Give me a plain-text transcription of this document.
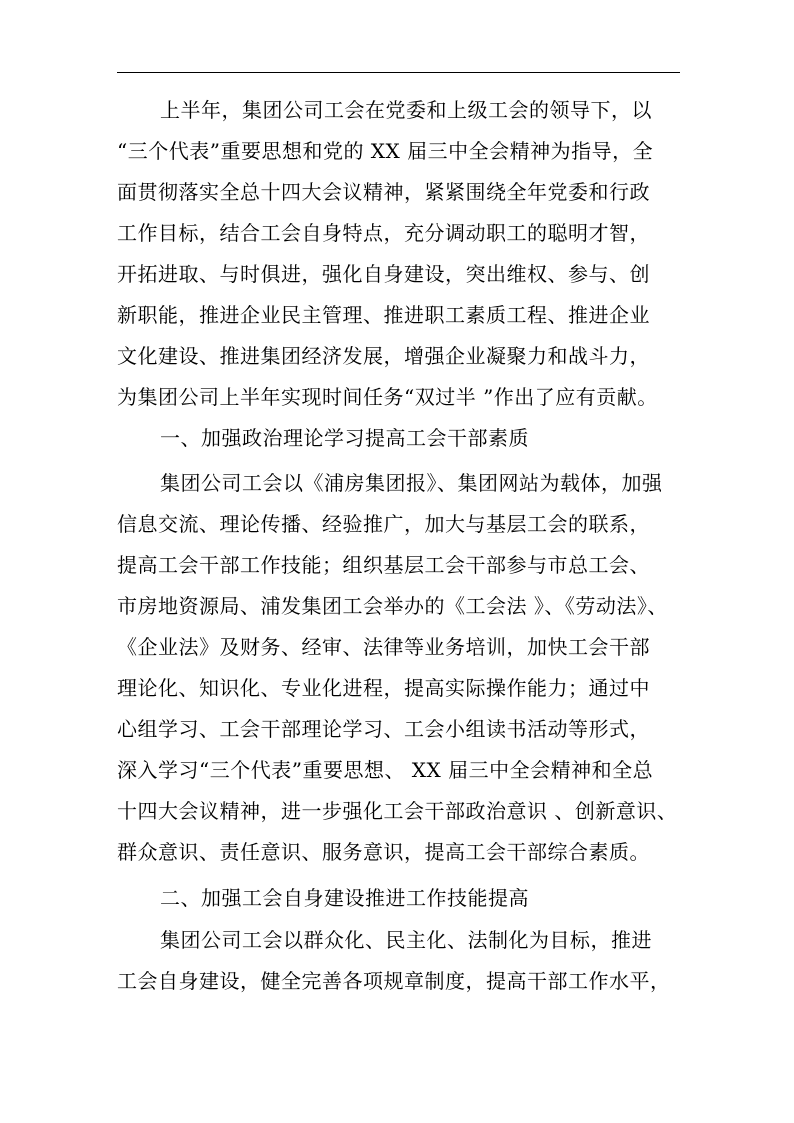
上半年，集团公司工会在党委和上级工会的领导下，以
“三个代表”重要思想和党的 XX 届三中全会精神为指导，全
面贯彻落实全总十四大会议精神，紧紧围绕全年党委和行政
工作目标，结合工会自身特点，充分调动职工的聪明才智，
开拓进取、与时俱进，强化自身建设，突出维权、参与、创
新职能，推进企业民主管理、推进职工素质工程、推进企业
文化建设、推进集团经济发展，增强企业凝聚力和战斗力，
为集团公司上半年实现时间任务“双过半 ”作出了应有贡献。
一、加强政治理论学习提高工会干部素质
集团公司工会以《浦房集团报》、集团网站为载体，加强
信息交流、理论传播、经验推广，加大与基层工会的联系，
提高工会干部工作技能；组织基层工会干部参与市总工会、
市房地资源局、浦发集团工会举办的《工会法 》、《劳动法》、
《企业法》及财务、经审、法律等业务培训，加快工会干部
理论化、知识化、专业化进程，提高实际操作能力；通过中
心组学习、工会干部理论学习、工会小组读书活动等形式，
深入学习“三个代表”重要思想、 XX 届三中全会精神和全总
十四大会议精神，进一步强化工会干部政治意识 、创新意识、
群众意识、责任意识、服务意识，提高工会干部综合素质。
二、加强工会自身建设推进工作技能提高
集团公司工会以群众化、民主化、法制化为目标，推进
工会自身建设，健全完善各项规章制度，提高干部工作水平，
